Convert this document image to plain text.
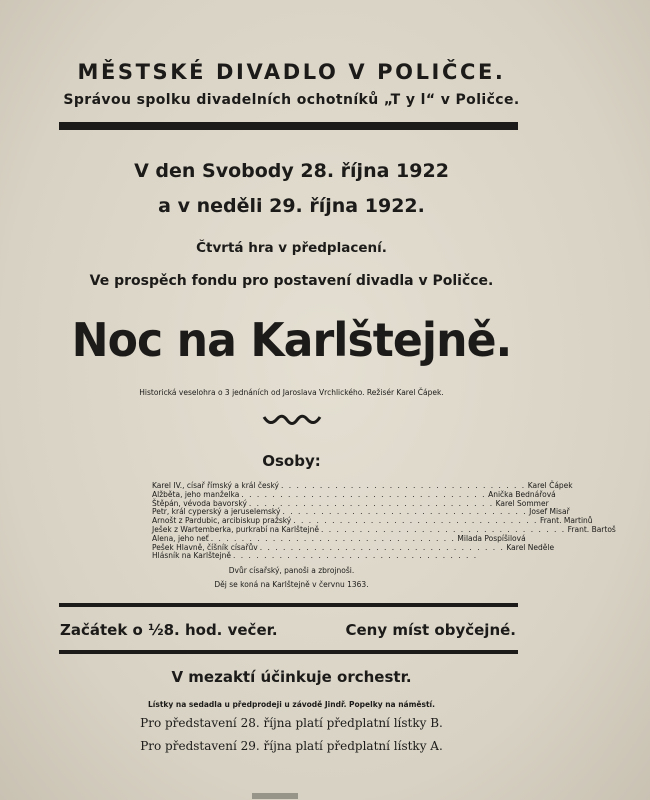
MĚSTSKÉ DIVADLO V POLIČCE.
Správou spolku divadelních ochotníků „T y l“ v Poličce.
V den Svobody 28. října 1922
a v neděli 29. října 1922.
Čtvrtá hra v předplacení.
Ve prospěch fondu pro postavení divadla v Poličce.
Noc na Karlštejně.
Historická veselohra o 3 jednáních od Jaroslava Vrchlického. Režisér Karel Čápek.
Osoby:
Karel IV., císař římský a král český . . . . . . . . . . . . . . . . . . . . . . . . . . . . . . . . Karel Čápek
Alžběta, jeho manželka . . . . . . . . . . . . . . . . . . . . . . . . . . . . . . . . Anička Bednářová
Štěpán, vévoda bavorský . . . . . . . . . . . . . . . . . . . . . . . . . . . . . . . . Karel Sommer
Petr, král cyperský a jeruselemský . . . . . . . . . . . . . . . . . . . . . . . . . . . . . . . . Josef Misař
Arnošt z Pardubic, arcibiskup pražský . . . . . . . . . . . . . . . . . . . . . . . . . . . . . . . . Frant. Martinů
Ješek z Wartemberka, purkrabí na Karlštejně . . . . . . . . . . . . . . . . . . . . . . . . . . . . . . . . Frant. Bartoš
Alena, jeho neť . . . . . . . . . . . . . . . . . . . . . . . . . . . . . . . . Milada Pospíšilová
Pešek Hlavně, číšník císařův . . . . . . . . . . . . . . . . . . . . . . . . . . . . . . . . Karel Neděle
Hlásník na Karlštejně . . . . . . . . . . . . . . . . . . . . . . . . . . . . . . . .
Dvůr císařský, panoši a zbrojnoši.
Děj se koná na Karlštejně v červnu 1363.
Začátek o ½8. hod. večer.	Ceny míst obyčejné.
V mezaktí účinkuje orchestr.
Lístky na sedadla u předprodeji u závodě Jindř. Popelky na náměstí.
Pro představení 28. října platí předplatní lístky B.
Pro představení 29. října platí předplatní lístky A.
